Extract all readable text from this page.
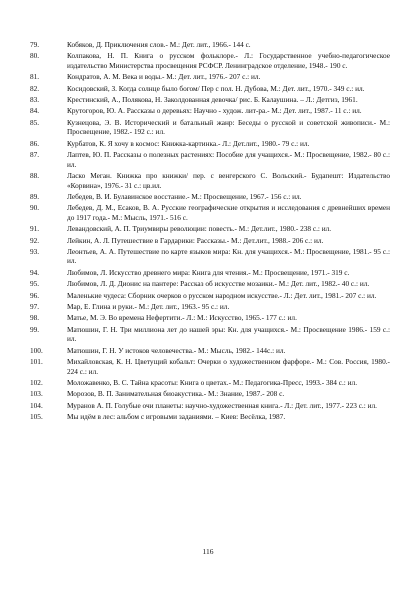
79.	Кобяков, Д. Приключения слов.- М.: Дет. лит., 1966.- 144 с.
80.	Колпакова, Н. П. Книга о русском фольклоре.- Л.: Государственное учебно-педагогическое издательство Министерства просвещения РСФСР. Ленинградское отделение, 1948.- 190 с.
81.	Кондратов, А. М. Века и воды.- М.: Дет. лит., 1976.- 207 с.: ил.
82.	Косидовский, З. Когда солнце было богом/ Пер с пол. Н. Дубова, М.: Дет. лит., 1970.- 349 с.: ил.
83.	Крестинский, А., Полякова, Н. Заколдованная девочка/ рис. Б. Калаушина. – Л.: Детгиз, 1961.
84.	Крутогоров, Ю. А. Рассказы о деревьях: Научно - худож. лит-ра.- М.: Дет. лит., 1987.- 11 с.: ил.
85.	Кузнецова, Э. В. Исторический и батальный жанр: Беседы о русской и советской живописи.- М.: Просвещение, 1982.- 192 с.: ил.
86.	Курбатов, К. Я хочу в космос: Книжка-картинка.- Л.: Дет.лит., 1980.- 79 с.: ил.
87.	Лаптев, Ю. П. Рассказы о полезных растениях: Пособие для учащихся.- М.: Просвещение, 1982.- 80 с.: ил.
88.	Ласко Меган. Книжка про книжки/ пер. с венгерского С. Вольский.- Будапешт: Издательство «Корвина», 1976.- 31 с.: цв.ил.
89.	Лебедев, В. И. Булавинское восстание.- М.: Просвещение, 1967.- 156 с.: ил.
90.	Лебедев, Д. М., Есаков, В. А. Русские географические открытия и исследования с древнейших времен до 1917 года.- М.: Мысль, 1971.- 516 с.
91.	Левандовский, А. П. Триумвиры революции: повесть.- М.: Дет.лит., 1980.- 238 с.: ил.
92.	Лейкин, А. Л. Путешествие в Гардарики: Рассказы.- М.: Дет.лит., 1988.- 206 с.: ил.
93.	Леонтьев, А. А. Путешествие по карте языков мира: Кн. для учащихся.- М.: Просвещение, 1981.- 95 с.: ил.
94.	Любимов, Л. Искусство древнего мира: Книга для чтения.- М.: Просвещение, 1971.- 319 с.
95.	Любимов, Л. Д. Дионис на пантере: Рассказ об искусстве мозаики.- М.: Дет. лит., 1982.- 40 с.: ил.
96.	Маленькие чудеса: Сборник очерков о русском народном искусстве.- Л.: Дет. лит., 1981.- 207 с.: ил.
97.	Мар, Е. Глина и руки.- М.: Дет. лит., 1963.- 95 с.: ил.
98.	Матье, М. Э. Во времена Нефертити.- Л.: М.: Искусство, 1965.- 177 с.: ил.
99.	Матюшин, Г. Н. Три миллиона лет до нашей эры: Кн. для учащихся.- М.: Просвещение 1986.- 159 с.: ил.
100.	Матюшин, Г. Н. У истоков человечества.- М.: Мысль, 1982.- 144с.: ил.
101.	Михайловская, К. Н. Цветущий кобальт: Очерки о художественном фарфоре.- М.: Сов. Россия, 1980.- 224 с.: ил.
102.	Моложавенко, В. С. Тайна красоты: Книга о цветах.- М.: Педагогика-Пресс, 1993.- 384 с.: ил.
103.	Морозов, В. П. Занимательная биоакустика.- М.: Знание, 1987.- 208 с.
104.	Муранов А. П. Голубые очи планеты: научно-художественная книга.- Л.: Дет. лит., 1977.- 223 с.: ил.
105.	Мы идём в лес: альбом с игровыми заданиями. – Киев: Весёлка, 1987.
116
